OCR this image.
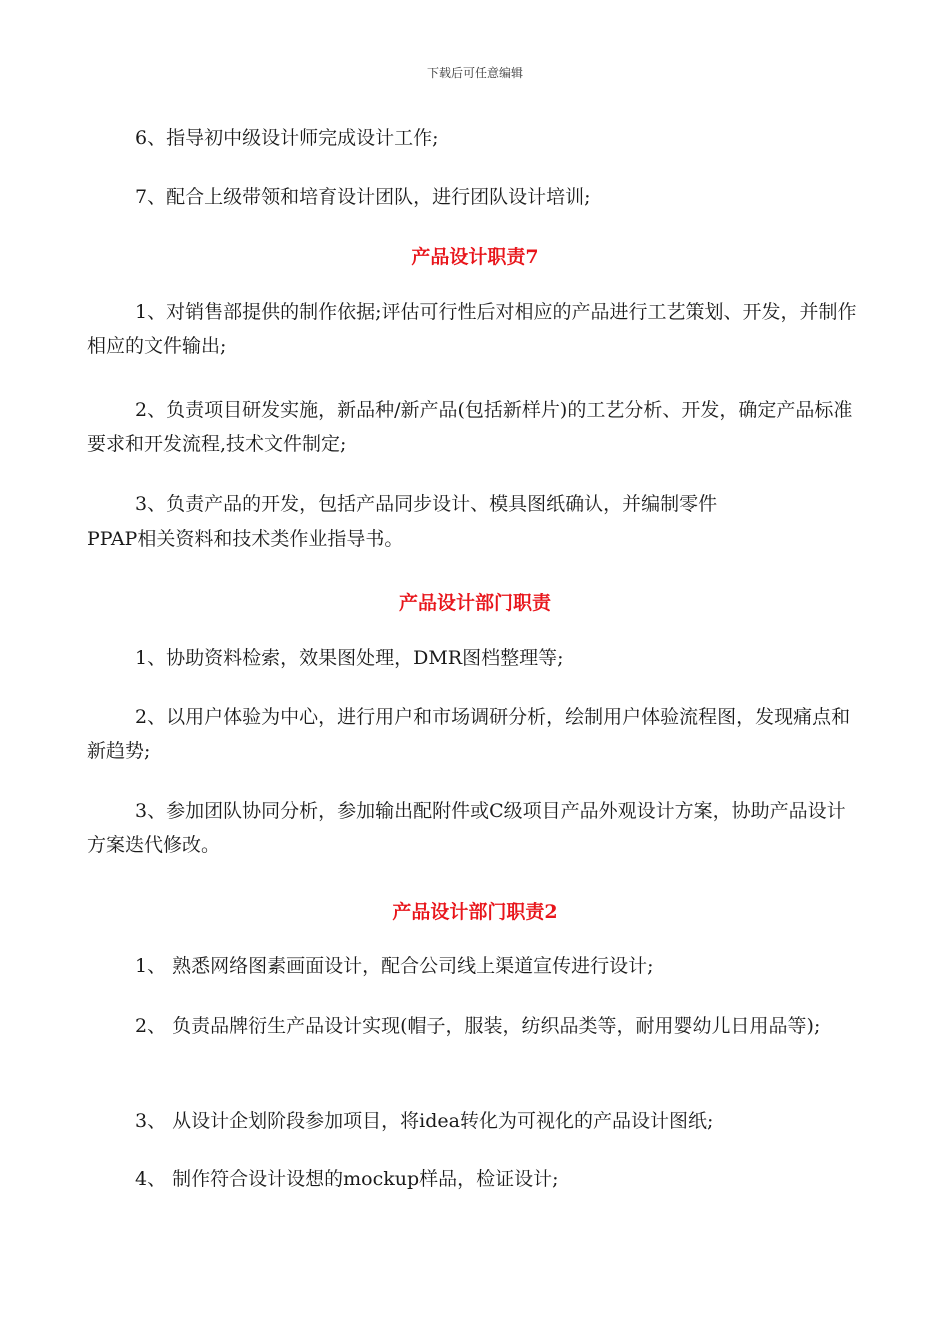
下载后可任意编辑

6、指导初中级设计师完成设计工作;

7、配合上级带领和培育设计团队，进行团队设计培训;

产品设计职责7

1、对销售部提供的制作依据;评估可行性后对相应的产品进行工艺策划、开发，并制作相应的文件输出;

2、负责项目研发实施，新品种/新产品(包括新样片)的工艺分析、开发，确定产品标准要求和开发流程,技术文件制定;

3、负责产品的开发，包括产品同步设计、模具图纸确认，并编制零件

PPAP相关资料和技术类作业指导书。

产品设计部门职责

1、协助资料检索，效果图处理，DMR图档整理等;

2、以用户体验为中心，进行用户和市场调研分析，绘制用户体验流程图，发现痛点和新趋势;

3、参加团队协同分析，参加输出配附件或C级项目产品外观设计方案，协助产品设计方案迭代修改。

产品设计部门职责2

1、 熟悉网络图素画面设计，配合公司线上渠道宣传进行设计;

2、 负责品牌衍生产品设计实现(帽子，服装，纺织品类等，耐用婴幼儿日用品等);

3、 从设计企划阶段参加项目，将idea转化为可视化的产品设计图纸;

4、 制作符合设计设想的mockup样品，检证设计;
